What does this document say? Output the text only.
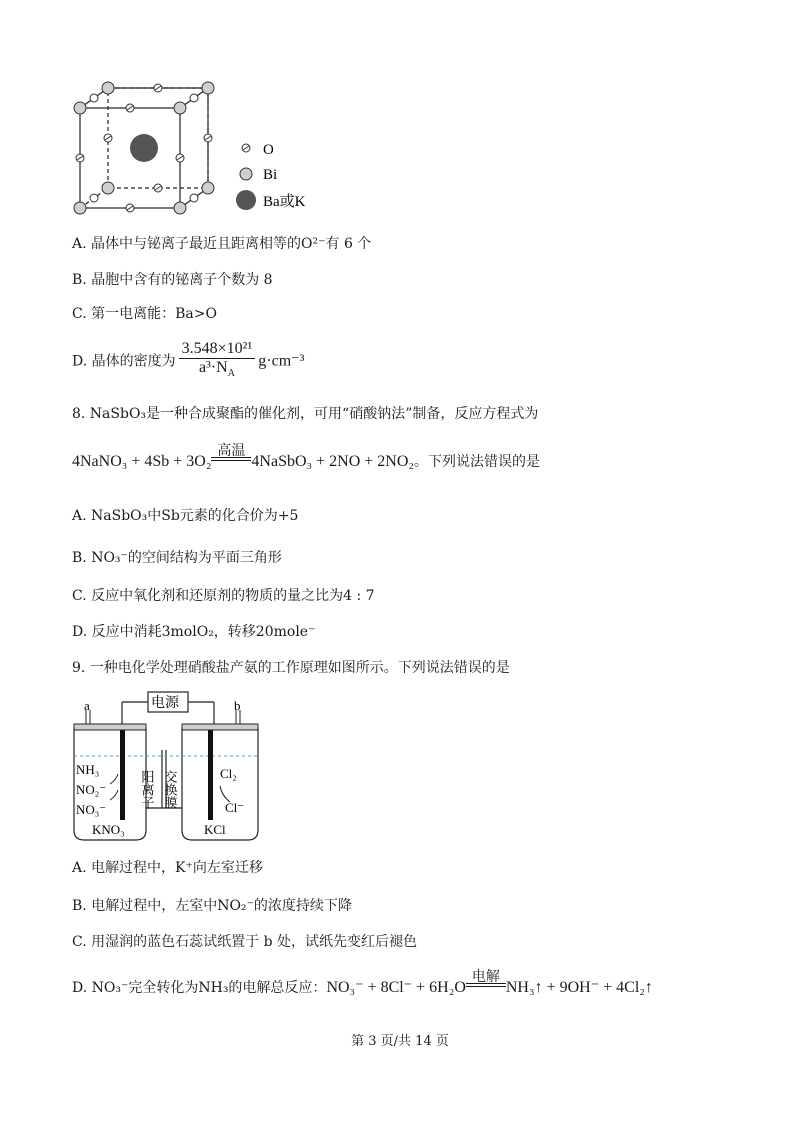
O
Bi
Ba或K
A. 晶体中与铋离子最近且距离相等的O²⁻有 6 个
B. 晶胞中含有的铋离子个数为 8
C. 第一电离能：Ba>O
D. 晶体的密度为 $\frac{\text{3.548×10²¹}}{a^3\cdot N_A} g\cdot cm^{-3}$
8. NaSbO₃是一种合成聚酯的催化剂，可用“硝酸钠法”制备，反应方程式为
4NaNO₃ + 4Sb + 3O₂
高温
4NaSbO₃ + 2NO + 2NO₂。下列说法错误的是
A. NaSbO₃中Sb元素的化合价为+5
B. NO₃⁻的空间结构为平面三角形
C. 反应中氧化剂和还原剂的物质的量之比为4 : 7
D. 反应中消耗3molO₂，转移20mole⁻
9. 一种电化学处理硝酸盐产氨的工作原理如图所示。下列说法错误的是
电源
a	b
NH₃
NO₂⁻
NO₃⁻
KNO₃
阳离子 交换膜	Cl₂
Cl⁻
KCl
A. 电解过程中，K⁺向左室迁移
B. 电解过程中，左室中NO₂⁻的浓度持续下降
C. 用湿润的蓝色石蕊试纸置于 b 处，试纸先变红后褪色
D. NO₃⁻完全转化为NH₃的电解总反应：NO₃⁻ + 8Cl⁻ + 6H₂O
电解
NH₃↑ + 9OH⁻ + 4Cl₂↑
第 3 页/共 14 页
